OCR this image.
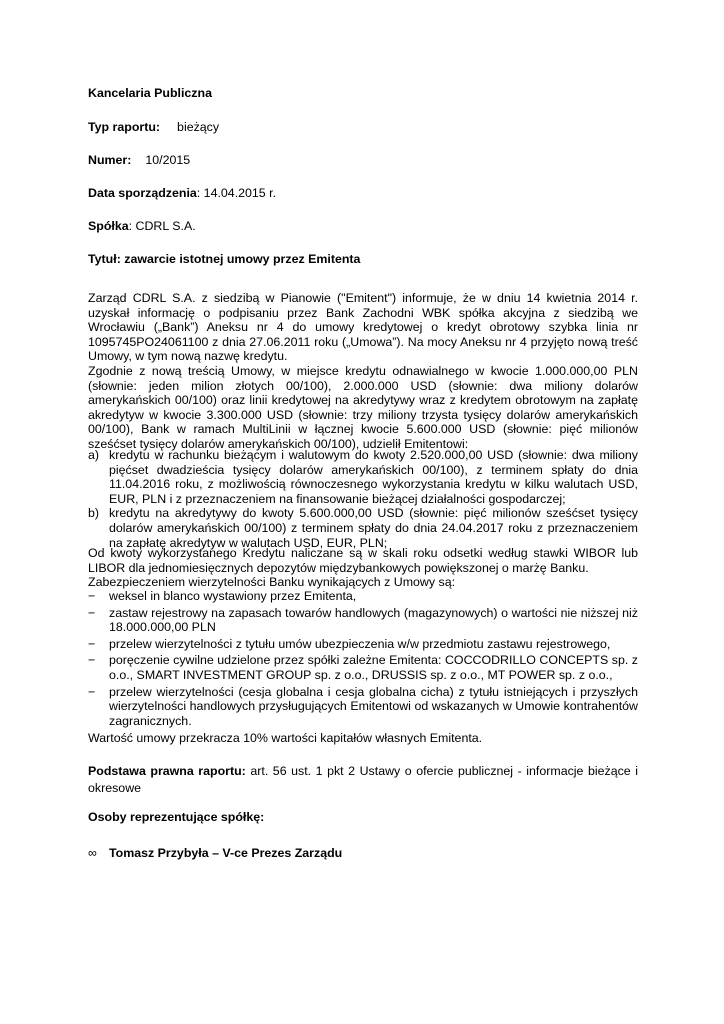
Kancelaria Publiczna
Typ raportu: bieżący
Numer: 10/2015
Data sporządzenia: 14.04.2015 r.
Spółka: CDRL S.A.
Tytuł: zawarcie istotnej umowy przez Emitenta
Zarząd CDRL S.A. z siedzibą w Pianowie ("Emitent") informuje, że w dniu 14 kwietnia 2014 r. uzyskał informację o podpisaniu przez Bank Zachodni WBK spółka akcyjna z siedzibą we Wrocławiu („Bank”) Aneksu nr 4 do umowy kredytowej o kredyt obrotowy szybka linia nr 1095745PO24061100 z dnia 27.06.2011 roku („Umowa”). Na mocy Aneksu nr 4 przyjęto nową treść Umowy, w tym nową nazwę kredytu.
Zgodnie z nową treścią Umowy, w miejsce kredytu odnawialnego w kwocie 1.000.000,00 PLN (słownie: jeden milion złotych 00/100), 2.000.000 USD (słownie: dwa miliony dolarów amerykańskich 00/100) oraz linii kredytowej na akredytywy wraz z kredytem obrotowym na zapłatę akredytyw w kwocie 3.300.000 USD (słownie: trzy miliony trzysta tysięcy dolarów amerykańskich 00/100), Bank w ramach MultiLinii w łącznej kwocie 5.600.000 USD (słownie: pięć milionów sześćset tysięcy dolarów amerykańskich 00/100), udzielił Emitentowi:
a) kredytu w rachunku bieżącym i walutowym do kwoty 2.520.000,00 USD (słownie: dwa miliony pięćset dwadzieścia tysięcy dolarów amerykańskich 00/100), z terminem spłaty do dnia 11.04.2016 roku, z możliwością równoczesnego wykorzystania kredytu w kilku walutach USD, EUR, PLN i z przeznaczeniem na finansowanie bieżącej działalności gospodarczej;
b) kredytu na akredytywy do kwoty 5.600.000,00 USD (słownie: pięć milionów sześćset tysięcy dolarów amerykańskich 00/100) z terminem spłaty do dnia 24.04.2017 roku z przeznaczeniem na zapłatę akredytyw w walutach USD, EUR, PLN;
Od kwoty wykorzystanego Kredytu naliczane są w skali roku odsetki według stawki WIBOR lub LIBOR dla jednomiesięcznych depozytów międzybankowych powiększonej o marżę Banku.
Zabezpieczeniem wierzytelności Banku wynikających z Umowy są:
− weksel in blanco wystawiony przez Emitenta,
− zastaw rejestrowy na zapasach towarów handlowych (magazynowych) o wartości nie niższej niż 18.000.000,00 PLN
− przelew wierzytelności z tytułu umów ubezpieczenia w/w przedmiotu zastawu rejestrowego,
− poręczenie cywilne udzielone przez spółki zależne Emitenta: COCCODRILLO CONCEPTS sp. z o.o., SMART INVESTMENT GROUP sp. z o.o., DRUSSIS sp. z o.o., MT POWER sp. z o.o.,
− przelew wierzytelności (cesja globalna i cesja globalna cicha) z tytułu istniejących i przyszłych wierzytelności handlowych przysługujących Emitentowi od wskazanych w Umowie kontrahentów zagranicznych.
Wartość umowy przekracza 10% wartości kapitałów własnych Emitenta.
Podstawa prawna raportu: art. 56 ust. 1 pkt 2 Ustawy o ofercie publicznej - informacje bieżące i okresowe
Osoby reprezentujące spółkę:
∞ Tomasz Przybyła – V-ce Prezes Zarządu
